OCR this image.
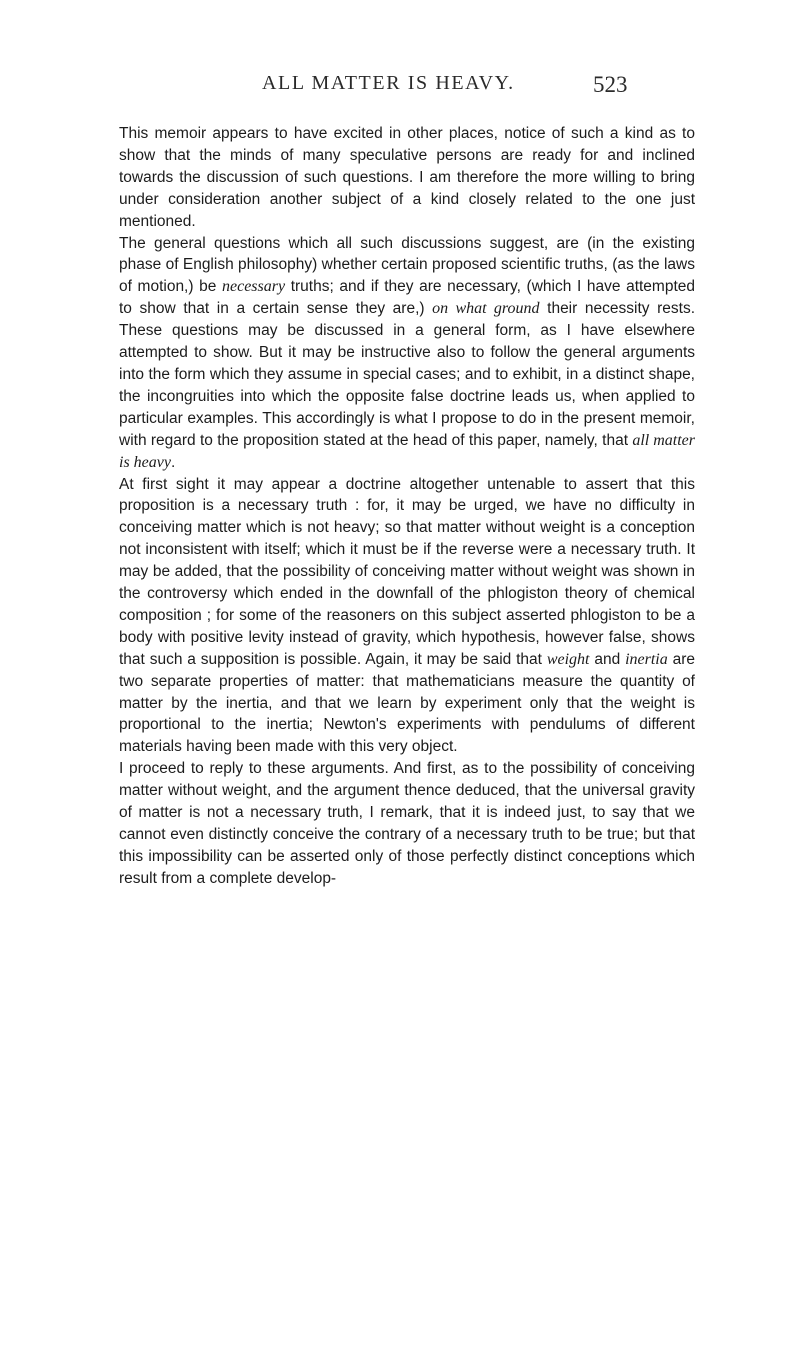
ALL MATTER IS HEAVY.	523

This memoir appears to have excited in other places, notice of such a kind as to show that the minds of many speculative persons are ready for and inclined towards the discussion of such questions. I am therefore the more willing to bring under consideration another subject of a kind closely related to the one just mentioned.

The general questions which all such discussions suggest, are (in the existing phase of English philosophy) whether certain proposed scientific truths, (as the laws of motion,) be necessary truths; and if they are necessary, (which I have attempted to show that in a certain sense they are,) on what ground their necessity rests. These questions may be discussed in a general form, as I have elsewhere attempted to show. But it may be instructive also to follow the general arguments into the form which they assume in special cases; and to exhibit, in a distinct shape, the incongruities into which the opposite false doctrine leads us, when applied to particular examples. This accordingly is what I propose to do in the present memoir, with regard to the proposition stated at the head of this paper, namely, that all matter is heavy.

At first sight it may appear a doctrine altogether untenable to assert that this proposition is a necessary truth : for, it may be urged, we have no difficulty in conceiving matter which is not heavy; so that matter without weight is a conception not inconsistent with itself; which it must be if the reverse were a necessary truth. It may be added, that the possibility of conceiving matter without weight was shown in the controversy which ended in the downfall of the phlogiston theory of chemical composition ; for some of the reasoners on this subject asserted phlogiston to be a body with positive levity instead of gravity, which hypothesis, however false, shows that such a supposition is possible. Again, it may be said that weight and inertia are two separate properties of matter: that mathematicians measure the quantity of matter by the inertia, and that we learn by experiment only that the weight is proportional to the inertia; Newton's experiments with pendulums of different materials having been made with this very object.

I proceed to reply to these arguments. And first, as to the possibility of conceiving matter without weight, and the argument thence deduced, that the universal gravity of matter is not a necessary truth, I remark, that it is indeed just, to say that we cannot even distinctly conceive the contrary of a necessary truth to be true; but that this impossibility can be asserted only of those perfectly distinct conceptions which result from a complete develop-
